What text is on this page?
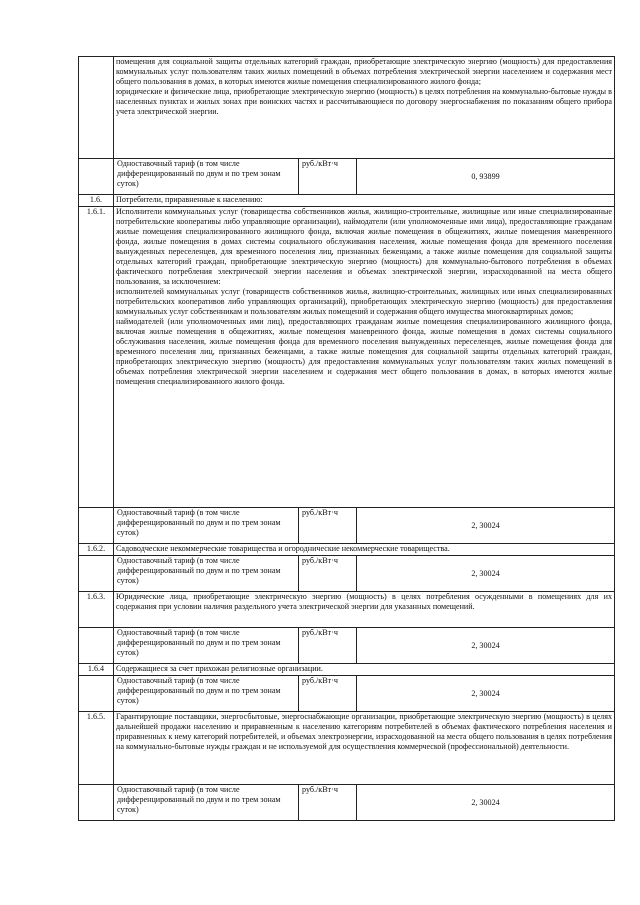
	помещения для социальной защиты отдельных категорий граждан, приобретающие электрическую энергию (мощность) для предоставления коммунальных услуг пользователям таких жилых помещений в объемах потребления электрической энергии населением и содержания мест общего пользования в домах, в которых имеются жилые помещения специализированного жилого фонда;
юридические и физические лица, приобретающие электрическую энергию (мощность) в целях потребления на коммунально-бытовые нужды в населенных пунктах и жилых зонах при воинских частях и рассчитывающиеся по договору энергоснабжения по показаниям общего прибора учета электрической энергии.		

	Одноставочный тариф (в том числе дифференцированный по двум и по трем зонам суток)	руб./кВт·ч	0, 93899
1.6.	Потребители, приравненные к населению:		
1.6.1.	Исполнители коммунальных услуг (товарищества собственников жилья, жилищно-строительные, жилищные или иные специализированные потребительские кооперативы либо управляющие организации), наймодатели (или уполномоченные ими лица), предоставляющие гражданам жилые помещения специализированного жилищного фонда, включая жилые помещения в общежитиях, жилые помещения маневренного фонда, жилые помещения в домах системы социального обслуживания населения, жилые помещения фонда для временного поселения вынужденных переселенцев, для временного поселения лиц, признанных беженцами, а также жилые помещения для социальной защиты отдельных категорий граждан, приобретающие электрическую энергию (мощность) для коммунально-бытового потребления в объемах фактического потребления электрической энергии населения и объемах электрической энергии, израсходованной на места общего пользования, за исключением:
исполнителей коммунальных услуг (товариществ собственников жилья, жилищно-строительных, жилищных или иных специализированных потребительских кооперативов либо управляющих организаций), приобретающих электрическую энергию (мощность) для предоставления коммунальных услуг собственникам и пользователям жилых помещений и содержания общего имущества многоквартирных домов;
наймодателей (или уполномоченных ими лиц), предоставляющих гражданам жилые помещения специализированного жилищного фонда, включая жилые помещения в общежитиях, жилые помещения маневренного фонда, жилые помещения в домах системы социального обслуживания населения, жилые помещения фонда для временного поселения вынужденных переселенцев, жилые помещения фонда для временного поселения лиц, признанных беженцами, а также жилые помещения для социальной защиты отдельных категорий граждан, приобретающих электрическую энергию (мощность) для предоставления коммунальных услуг пользователям таких жилых помещений в объемах потребления электрической энергии населением и содержания мест общего пользования в домах, в которых имеются жилые помещения специализированного жилого фонда.		

	Одноставочный тариф (в том числе дифференцированный по двум и по трем зонам суток)	руб./кВт·ч	2, 30024
1.6.2.	Садоводческие некоммерческие товарищества и огороднические некоммерческие товарищества.		
	Одноставочный тариф (в том числе дифференцированный по двум и по трем зонам суток)	руб./кВт·ч	2, 30024
1.6.3.	Юридические лица, приобретающие электрическую энергию (мощность) в целях потребления осужденными в помещениях для их содержания при условии наличия раздельного учета электрической энергии для указанных помещений.		
	Одноставочный тариф (в том числе дифференцированный по двум и по трем зонам суток)	руб./кВт·ч	2, 30024
1.6.4	Содержащиеся за счет прихожан религиозные организации.		
	Одноставочный тариф (в том числе дифференцированный по двум и по трем зонам суток)	руб./кВт·ч	2, 30024
1.6.5.	Гарантирующие поставщики, энергосбытовые, энергоснабжающие организации, приобретающие электрическую энергию (мощность) в целях дальнейшей продажи населению и приравненным к населению категориям потребителей в объемах фактического потребления населения и приравненных к нему категорий потребителей, и объемах электроэнергии, израсходованной на места общего пользования в целях потребления на коммунально-бытовые нужды граждан и не используемой для осуществления коммерческой (профессиональной) деятельности.		
	Одноставочный тариф (в том числе дифференцированный по двум и по трем зонам суток)	руб./кВт·ч	2, 30024
